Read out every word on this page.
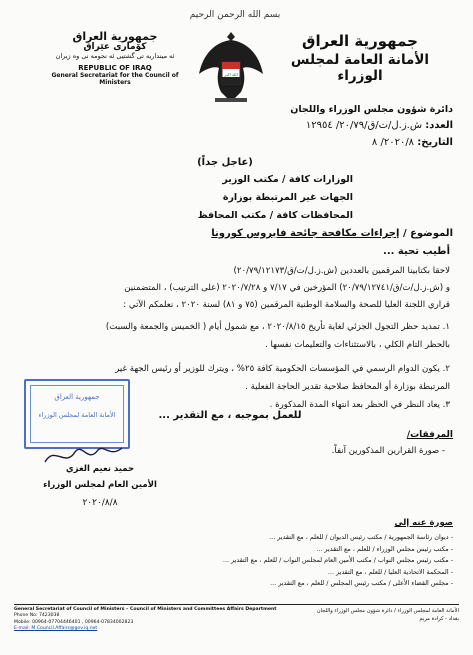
بسم الله الرحمن الرحيم
جمهورية العراق
كۆماری عێراق
ئه مینداریه تی گشتیی ئه نجومه نی وه زیران
REPUBLIC OF IRAQ
General Secretariat for the Council of Ministers
الله اكبر
جمهورية العراق
الأمانة العامة لمجلس الوزراء
دائرة شؤون مجلس الوزراء واللجان
العدد: ش.ز.ل/ت/ق/٢٠/٧٩/ ١٢٩٥٤
التاريخ: ٢٠٢٠/٨/ ٨
(عاجل جداً)
الوزارات كافة / مكتب الوزير
الجهات غير المرتبطة بوزارة
المحافظات كافة / مكتب المحافظ
الموضوع / إجراءات مكافحة جائحة فايروس كورونا
أطيب تحية ...
لاحقا بكتابينا المرقمين بالعددين (ش.ز.ل/ت/ق/٢٠/٧٩/١٢١٧٣)
و (ش.ز.ل/ت/ق/٢٠/٧٩/١٢٧٤١) المؤرخين في ٧/١٧ و ٢٠٢٠/٧/٢٨ (على الترتيب) ، المتضمنين
قراري اللجنة العليا للصحة والسلامة الوطنية المرقمين (٧٥ و ٨١) لسنة ٢٠٢٠ ، نعلمكم الآتي :
١. تمديد حظر التجول الجزئي لغاية تأريخ ٢٠٢٠/٨/١٥ ، مع شمول أيام ( الخميس والجمعة والسبت)
بالحظر التام الكلي ، بالاستثناءات والتعليمات نفسها .
٢. يكون الدوام الرسمي في المؤسسات الحكومية كافة ٢٥% ، ويترك للوزير أو رئيس الجهة غير
المرتبطة بوزارة أو المحافظ صلاحية تقدير الحاجة الفعلية .
٣. يعاد النظر في الحظر بعد انتهاء المدة المذكورة .
للعمل بموجبه ، مع التقدير ...
المرفقات/
- صورة القرارين المذكورين آنفاً.
جمهورية العراق
الأمانة العامة لمجلس الوزراء
حميد نعيم الغزي
الأمين العام لمجلس الوزراء
٢٠٢٠/٨/٨
صورة عنه إلى
- ديوان رئاسة الجمهورية / مكتب رئيس الديوان / للعلم ، مع التقدير ...
- مكتب رئيس مجلس الوزراء / للعلم ، مع التقدير ...
- مكتب رئيس مجلس النواب / مكتب الأمين العام لمجلس النواب / للعلم ، مع التقدير ...
- المحكمة الاتحادية العليا / للعلم ، مع التقدير ...
- مجلس القضاء الأعلى / مكتب رئيس المجلس / للعلم ، مع التقدير ...
General Secretariat of Council of Ministers – Council of Ministers and Committees Affairs Department
Phone No: 7423038
Mobile: 00964-07704446401 , 00964-07834002823
E-mail: M.Council.Affairs@gov.iq.net
الأمانة العامة لمجلس الوزراء / دائرة شؤون مجلس الوزراء واللجان
بغداد - كرادة مريم
